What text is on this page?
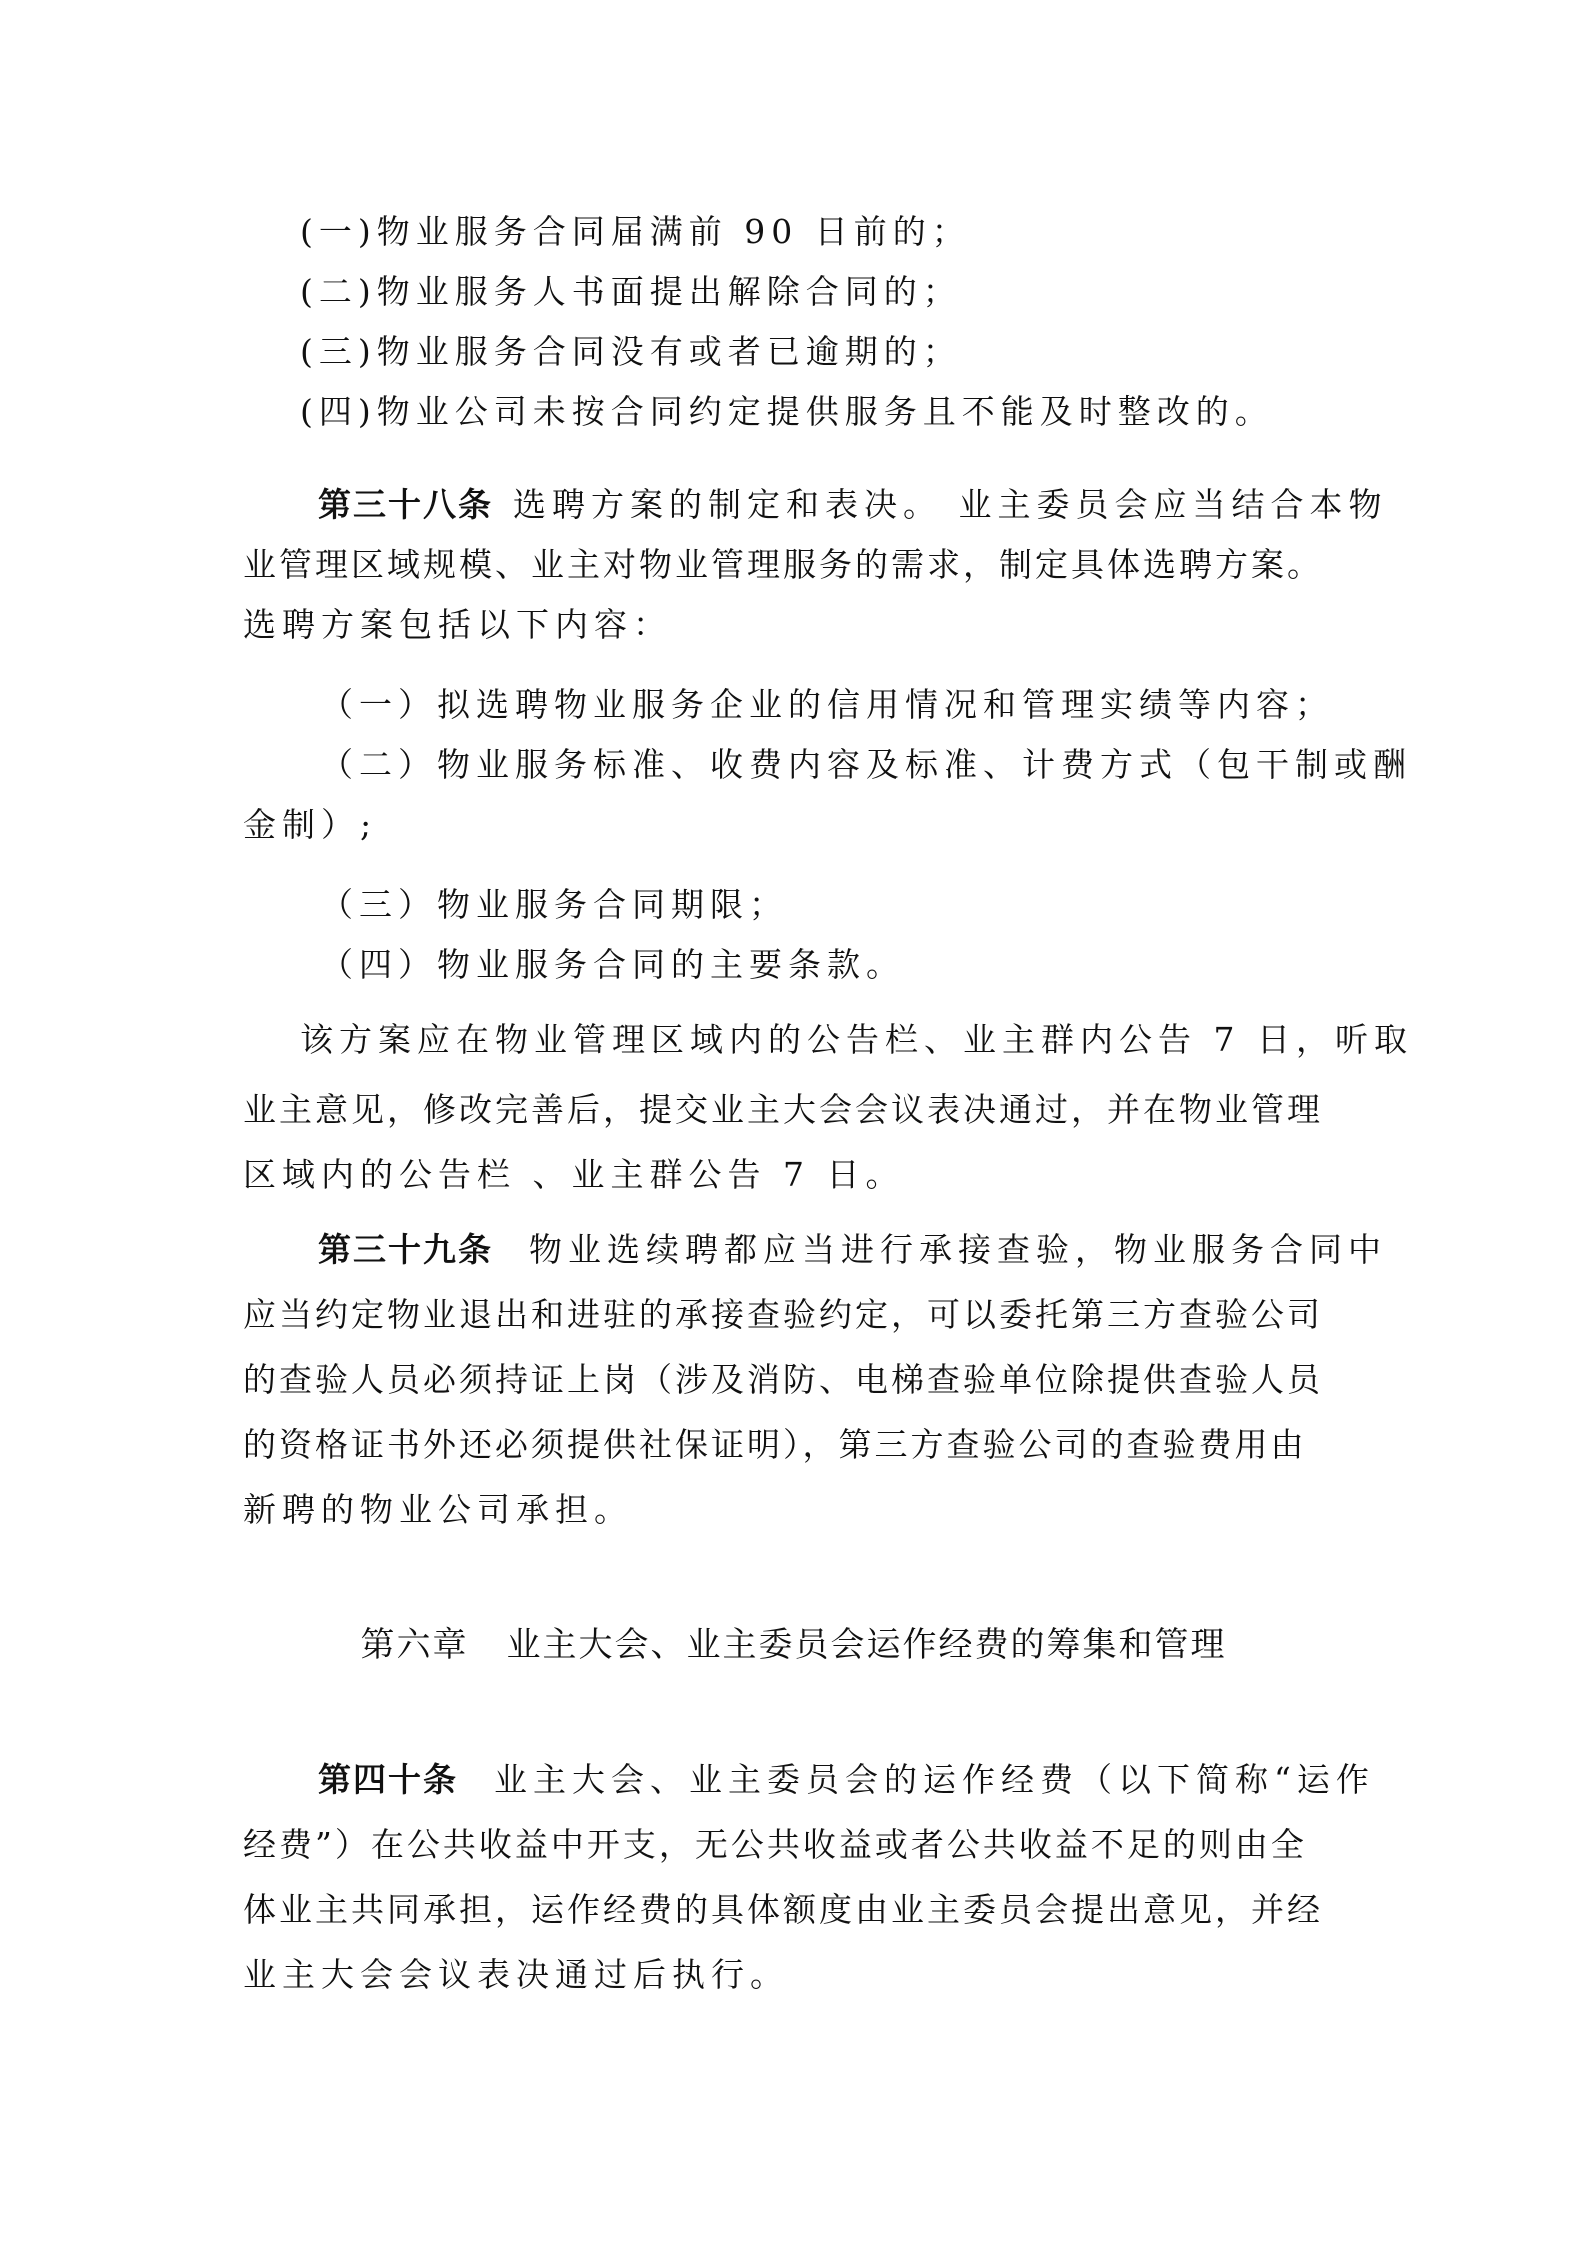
(一)物业服务合同届满前 90 日前的；
(二)物业服务人书面提出解除合同的；
(三)物业服务合同没有或者已逾期的；
(四)物业公司未按合同约定提供服务且不能及时整改的。
第三十八条 选聘方案的制定和表决。 业主委员会应当结合本物
业管理区域规模、业主对物业管理服务的需求，制定具体选聘方案。
选聘方案包括以下内容：
（一）拟选聘物业服务企业的信用情况和管理实绩等内容；
（二）物业服务标准、收费内容及标准、计费方式（包干制或酬
金制）;
（三）物业服务合同期限；
（四）物业服务合同的主要条款。
该方案应在物业管理区域内的公告栏、业主群内公告 7 日，听取
业主意见，修改完善后，提交业主大会会议表决通过，并在物业管理
区域内的公告栏 、业主群公告 7 日。
第三十九条 物业选续聘都应当进行承接查验，物业服务合同中
应当约定物业退出和进驻的承接查验约定，可以委托第三方查验公司
的查验人员必须持证上岗（涉及消防、电梯查验单位除提供查验人员
的资格证书外还必须提供社保证明），第三方查验公司的查验费用由
新聘的物业公司承担。
第六章 业主大会、业主委员会运作经费的筹集和管理
第四十条 业主大会、业主委员会的运作经费（以下简称“运作
经费”）在公共收益中开支，无公共收益或者公共收益不足的则由全
体业主共同承担，运作经费的具体额度由业主委员会提出意见，并经
业主大会会议表决通过后执行。
